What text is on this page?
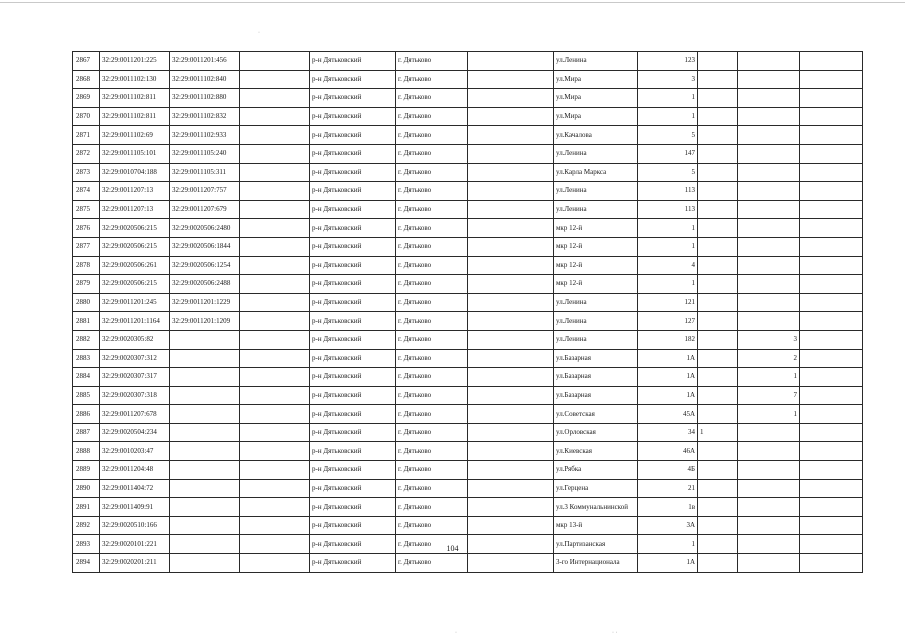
2867	32:29:0011201:225	32:29:0011201:456		р-н Дятьковский	г. Дятьково		ул.Ленина	123			
2868	32:29:0011102:130	32:29:0011102:840		р-н Дятьковский	г. Дятьково		ул.Мира	3			
2869	32:29:0011102:811	32:29:0011102:880		р-н Дятьковский	г. Дятьково		ул.Мира	1			
2870	32:29:0011102:811	32:29:0011102:832		р-н Дятьковский	г. Дятьково		ул.Мира	1			
2871	32:29:0011102:69	32:29:0011102:933		р-н Дятьковский	г. Дятьково		ул.Качалова	5			
2872	32:29:0011105:101	32:29:0011105:240		р-н Дятьковский	г. Дятьково		ул.Ленина	147			
2873	32:29:0010704:188	32:29:0011105:311		р-н Дятьковский	г. Дятьково		ул.Карла Маркса	5			
2874	32:29:0011207:13	32:29:0011207:757		р-н Дятьковский	г. Дятьково		ул.Ленина	113			
2875	32:29:0011207:13	32:29:0011207:679		р-н Дятьковский	г. Дятьково		ул.Ленина	113			
2876	32:29:0020506:215	32:29:0020506:2480		р-н Дятьковский	г. Дятьково		мкр 12-й	1			
2877	32:29:0020506:215	32:29:0020506:1844		р-н Дятьковский	г. Дятьково		мкр 12-й	1			
2878	32:29:0020506:261	32:29:0020506:1254		р-н Дятьковский	г. Дятьково		мкр 12-й	4			
2879	32:29:0020506:215	32:29:0020506:2488		р-н Дятьковский	г. Дятьково		мкр 12-й	1			
2880	32:29:0011201:245	32:29:0011201:1229		р-н Дятьковский	г. Дятьково		ул.Ленина	121			
2881	32:29:0011201:1164	32:29:0011201:1209		р-н Дятьковский	г. Дятьково		ул.Ленина	127			
2882	32:29:0020305:82			р-н Дятьковский	г. Дятьково		ул.Ленина	182		3	
2883	32:29:0020307:312			р-н Дятьковский	г. Дятьково		ул.Базарная	1А		2	
2884	32:29:0020307:317			р-н Дятьковский	г. Дятьково		ул.Базарная	1А		1	
2885	32:29:0020307:318			р-н Дятьковский	г. Дятьково		ул.Базарная	1А		7	
2886	32:29:0011207:678			р-н Дятьковский	г. Дятьково		ул.Советская	45А		1	
2887	32:29:0020504:234			р-н Дятьковский	г. Дятьково		ул.Орловская	34	1		
2888	32:29:0010203:47			р-н Дятьковский	г. Дятьково		ул.Киевская	46А			
2889	32:29:0011204:48			р-н Дятьковский	г. Дятьково		ул.Рябка	4Б			
2890	32:29:0011404:72			р-н Дятьковский	г. Дятьково		ул.Герцена	21			
2891	32:29:0011409:91			р-н Дятьковский	г. Дятьково		ул.3 Коммунальнинской	1в			
2892	32:29:0020510:166			р-н Дятьковский	г. Дятьково		мкр 13-й	3А			
2893	32:29:0020101:221			р-н Дятьковский	г. Дятьково		ул.Партизанская	1			
2894	32:29:0020201:211			р-н Дятьковский	г. Дятьково		3-го Интернационала	1А			
104
·
· ·
·
